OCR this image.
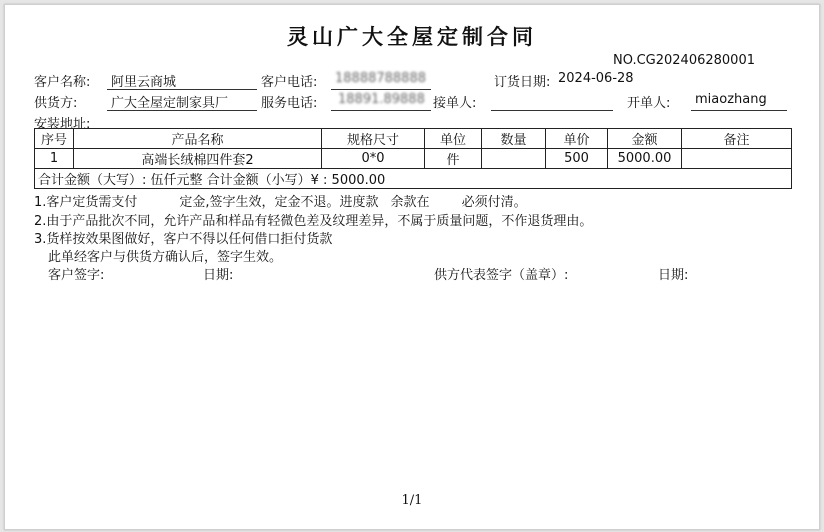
灵山广大全屋定制合同
NO.CG202406280001
客户名称: 阿里云商城	客户电话: 18888788888	订货日期: 2024-06-28
供货方:	广大全屋定制家具厂	服务电话: 18891.89888 接单人:	开单人: miaozhang
安装地址:
序号	产品名称	规格尺寸	单位	数量	单价	金额	备注
1	高端长绒棉四件套2	0*0	件		500	5000.00	
合计金额（大写）: 伍仟元整 合计金额（小写）¥ : 5000.00							
1.客户定货需支付	定金,签字生效，定金不退。进度款 余款在 必须付清。
2.由于产品批次不同，允许产品和样品有轻微色差及纹理差异，不属于质量问题，不作退货理由。
3.货样按效果图做好，客户不得以任何借口拒付货款
此单经客户与供货方确认后，签字生效。
客户签字:	日期:	供方代表签字（盖章）:	日期:
1/1
